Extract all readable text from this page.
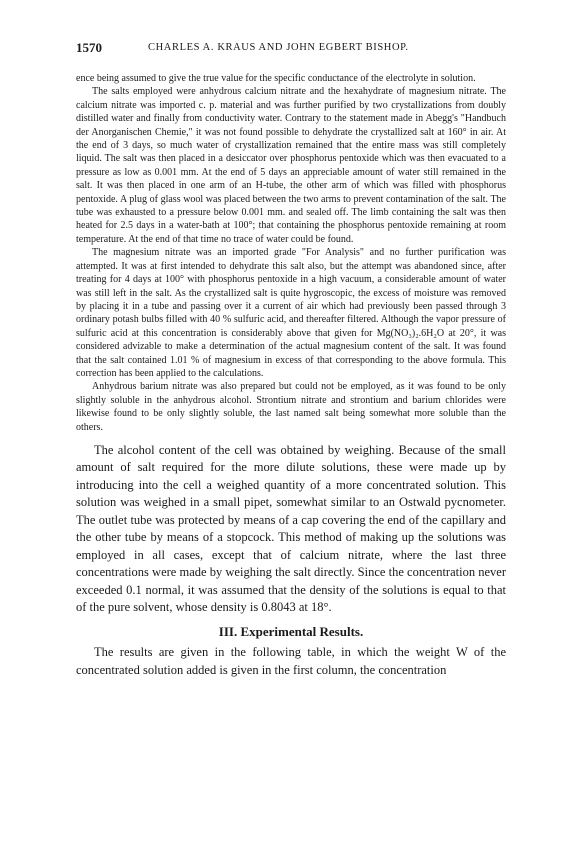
1570	CHARLES A. KRAUS AND JOHN EGBERT BISHOP.

ence being assumed to give the true value for the specific conductance of the electrolyte in solution.

The salts employed were anhydrous calcium nitrate and the hexahydrate of magnesium nitrate. The calcium nitrate was imported c. p. material and was further purified by two crystallizations from doubly distilled water and finally from conductivity water. Contrary to the statement made in Abegg's "Handbuch der Anorganischen Chemie," it was not found possible to dehydrate the crystallized salt at 160° in air. At the end of 3 days, so much water of crystallization remained that the entire mass was still completely liquid. The salt was then placed in a desiccator over phosphorus pentoxide which was then evacuated to a pressure as low as 0.001 mm. At the end of 5 days an appreciable amount of water still remained in the salt. It was then placed in one arm of an H-tube, the other arm of which was filled with phosphorus pentoxide. A plug of glass wool was placed between the two arms to prevent contamination of the salt. The tube was exhausted to a pressure below 0.001 mm. and sealed off. The limb containing the salt was then heated for 2.5 days in a water-bath at 100°; that containing the phosphorus pentoxide remaining at room temperature. At the end of that time no trace of water could be found.

The magnesium nitrate was an imported grade "For Analysis" and no further purification was attempted. It was at first intended to dehydrate this salt also, but the attempt was abandoned since, after treating for 4 days at 100° with phosphorus pentoxide in a high vacuum, a considerable amount of water was still left in the salt. As the crystallized salt is quite hygroscopic, the excess of moisture was removed by placing it in a tube and passing over it a current of air which had previously been passed through 3 ordinary potash bulbs filled with 40 % sulfuric acid, and thereafter filtered. Although the vapor pressure of sulfuric acid at this concentration is considerably above that given for Mg(NO₃)₂.6H₂O at 20°, it was considered advizable to make a determination of the actual magnesium content of the salt. It was found that the salt contained 1.01 % of magnesium in excess of that corresponding to the above formula. This correction has been applied to the calculations.

Anhydrous barium nitrate was also prepared but could not be employed, as it was found to be only slightly soluble in the anhydrous alcohol. Strontium nitrate and strontium and barium chlorides were likewise found to be only slightly soluble, the last named salt being somewhat more soluble than the others.

The alcohol content of the cell was obtained by weighing. Because of the small amount of salt required for the more dilute solutions, these were made up by introducing into the cell a weighed quantity of a more concentrated solution. This solution was weighed in a small pipet, somewhat similar to an Ostwald pycnometer. The outlet tube was protected by means of a cap covering the end of the capillary and the other tube by means of a stopcock. This method of making up the solutions was employed in all cases, except that of calcium nitrate, where the last three concentrations were made by weighing the salt directly. Since the concentration never exceeded 0.1 normal, it was assumed that the density of the solutions is equal to that of the pure solvent, whose density is 0.8043 at 18°.

III. Experimental Results.

The results are given in the following table, in which the weight W of the concentrated solution added is given in the first column, the concentration
